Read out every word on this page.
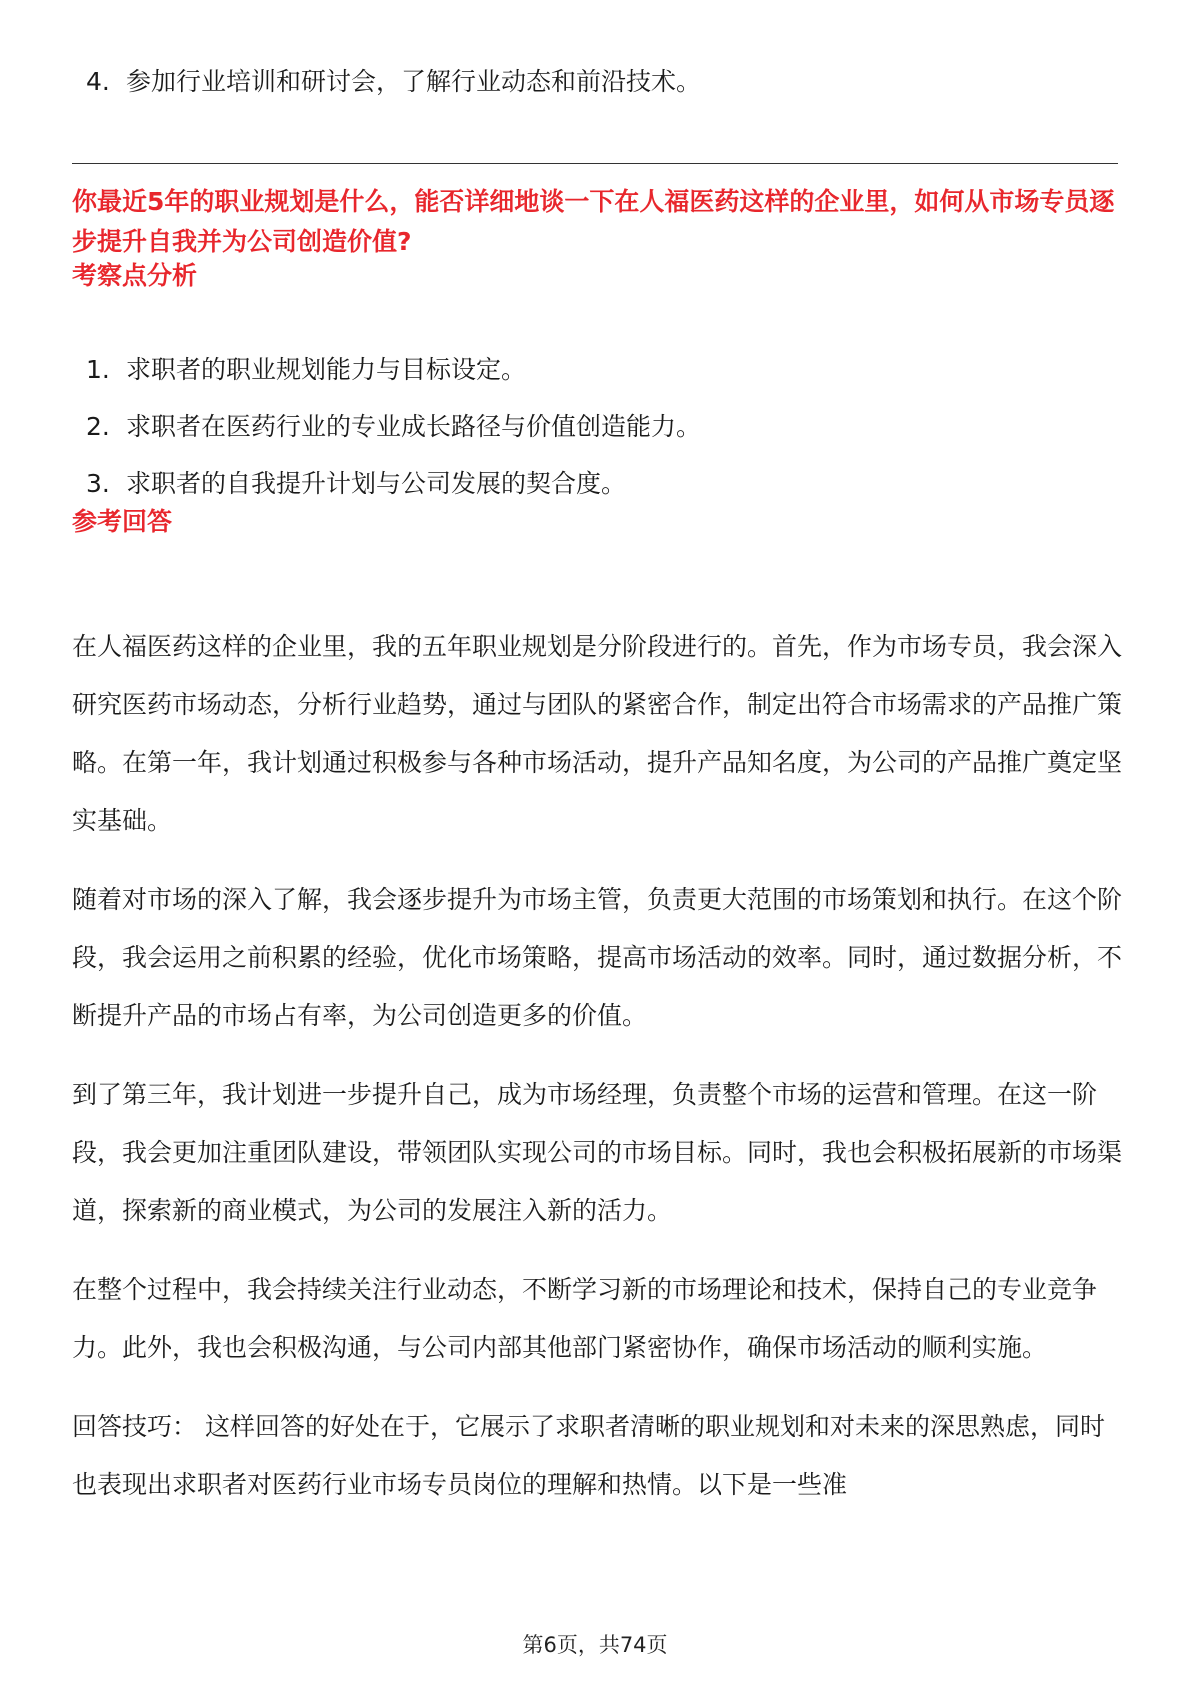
4. 参加行业培训和研讨会，了解行业动态和前沿技术。
你最近5年的职业规划是什么，能否详细地谈一下在人福医药这样的企业里，如何从市场专员逐步提升自我并为公司创造价值?
考察点分析
1. 求职者的职业规划能力与目标设定。
2. 求职者在医药行业的专业成长路径与价值创造能力。
3. 求职者的自我提升计划与公司发展的契合度。
参考回答

在人福医药这样的企业里，我的五年职业规划是分阶段进行的。首先，作为市场专员，我会深入研究医药市场动态，分析行业趋势，通过与团队的紧密合作，制定出符合市场需求的产品推广策略。在第一年，我计划通过积极参与各种市场活动，提升产品知名度，为公司的产品推广奠定坚实基础。

随着对市场的深入了解，我会逐步提升为市场主管，负责更大范围的市场策划和执行。在这个阶段，我会运用之前积累的经验，优化市场策略，提高市场活动的效率。同时，通过数据分析，不断提升产品的市场占有率，为公司创造更多的价值。

到了第三年，我计划进一步提升自己，成为市场经理，负责整个市场的运营和管理。在这一阶段，我会更加注重团队建设，带领团队实现公司的市场目标。同时，我也会积极拓展新的市场渠道，探索新的商业模式，为公司的发展注入新的活力。

在整个过程中，我会持续关注行业动态，不断学习新的市场理论和技术，保持自己的专业竞争力。此外，我也会积极沟通，与公司内部其他部门紧密协作，确保市场活动的顺利实施。

回答技巧： 这样回答的好处在于，它展示了求职者清晰的职业规划和对未来的深思熟虑，同时也表现出求职者对医药行业市场专员岗位的理解和热情。以下是一些准

第6页，共74页
